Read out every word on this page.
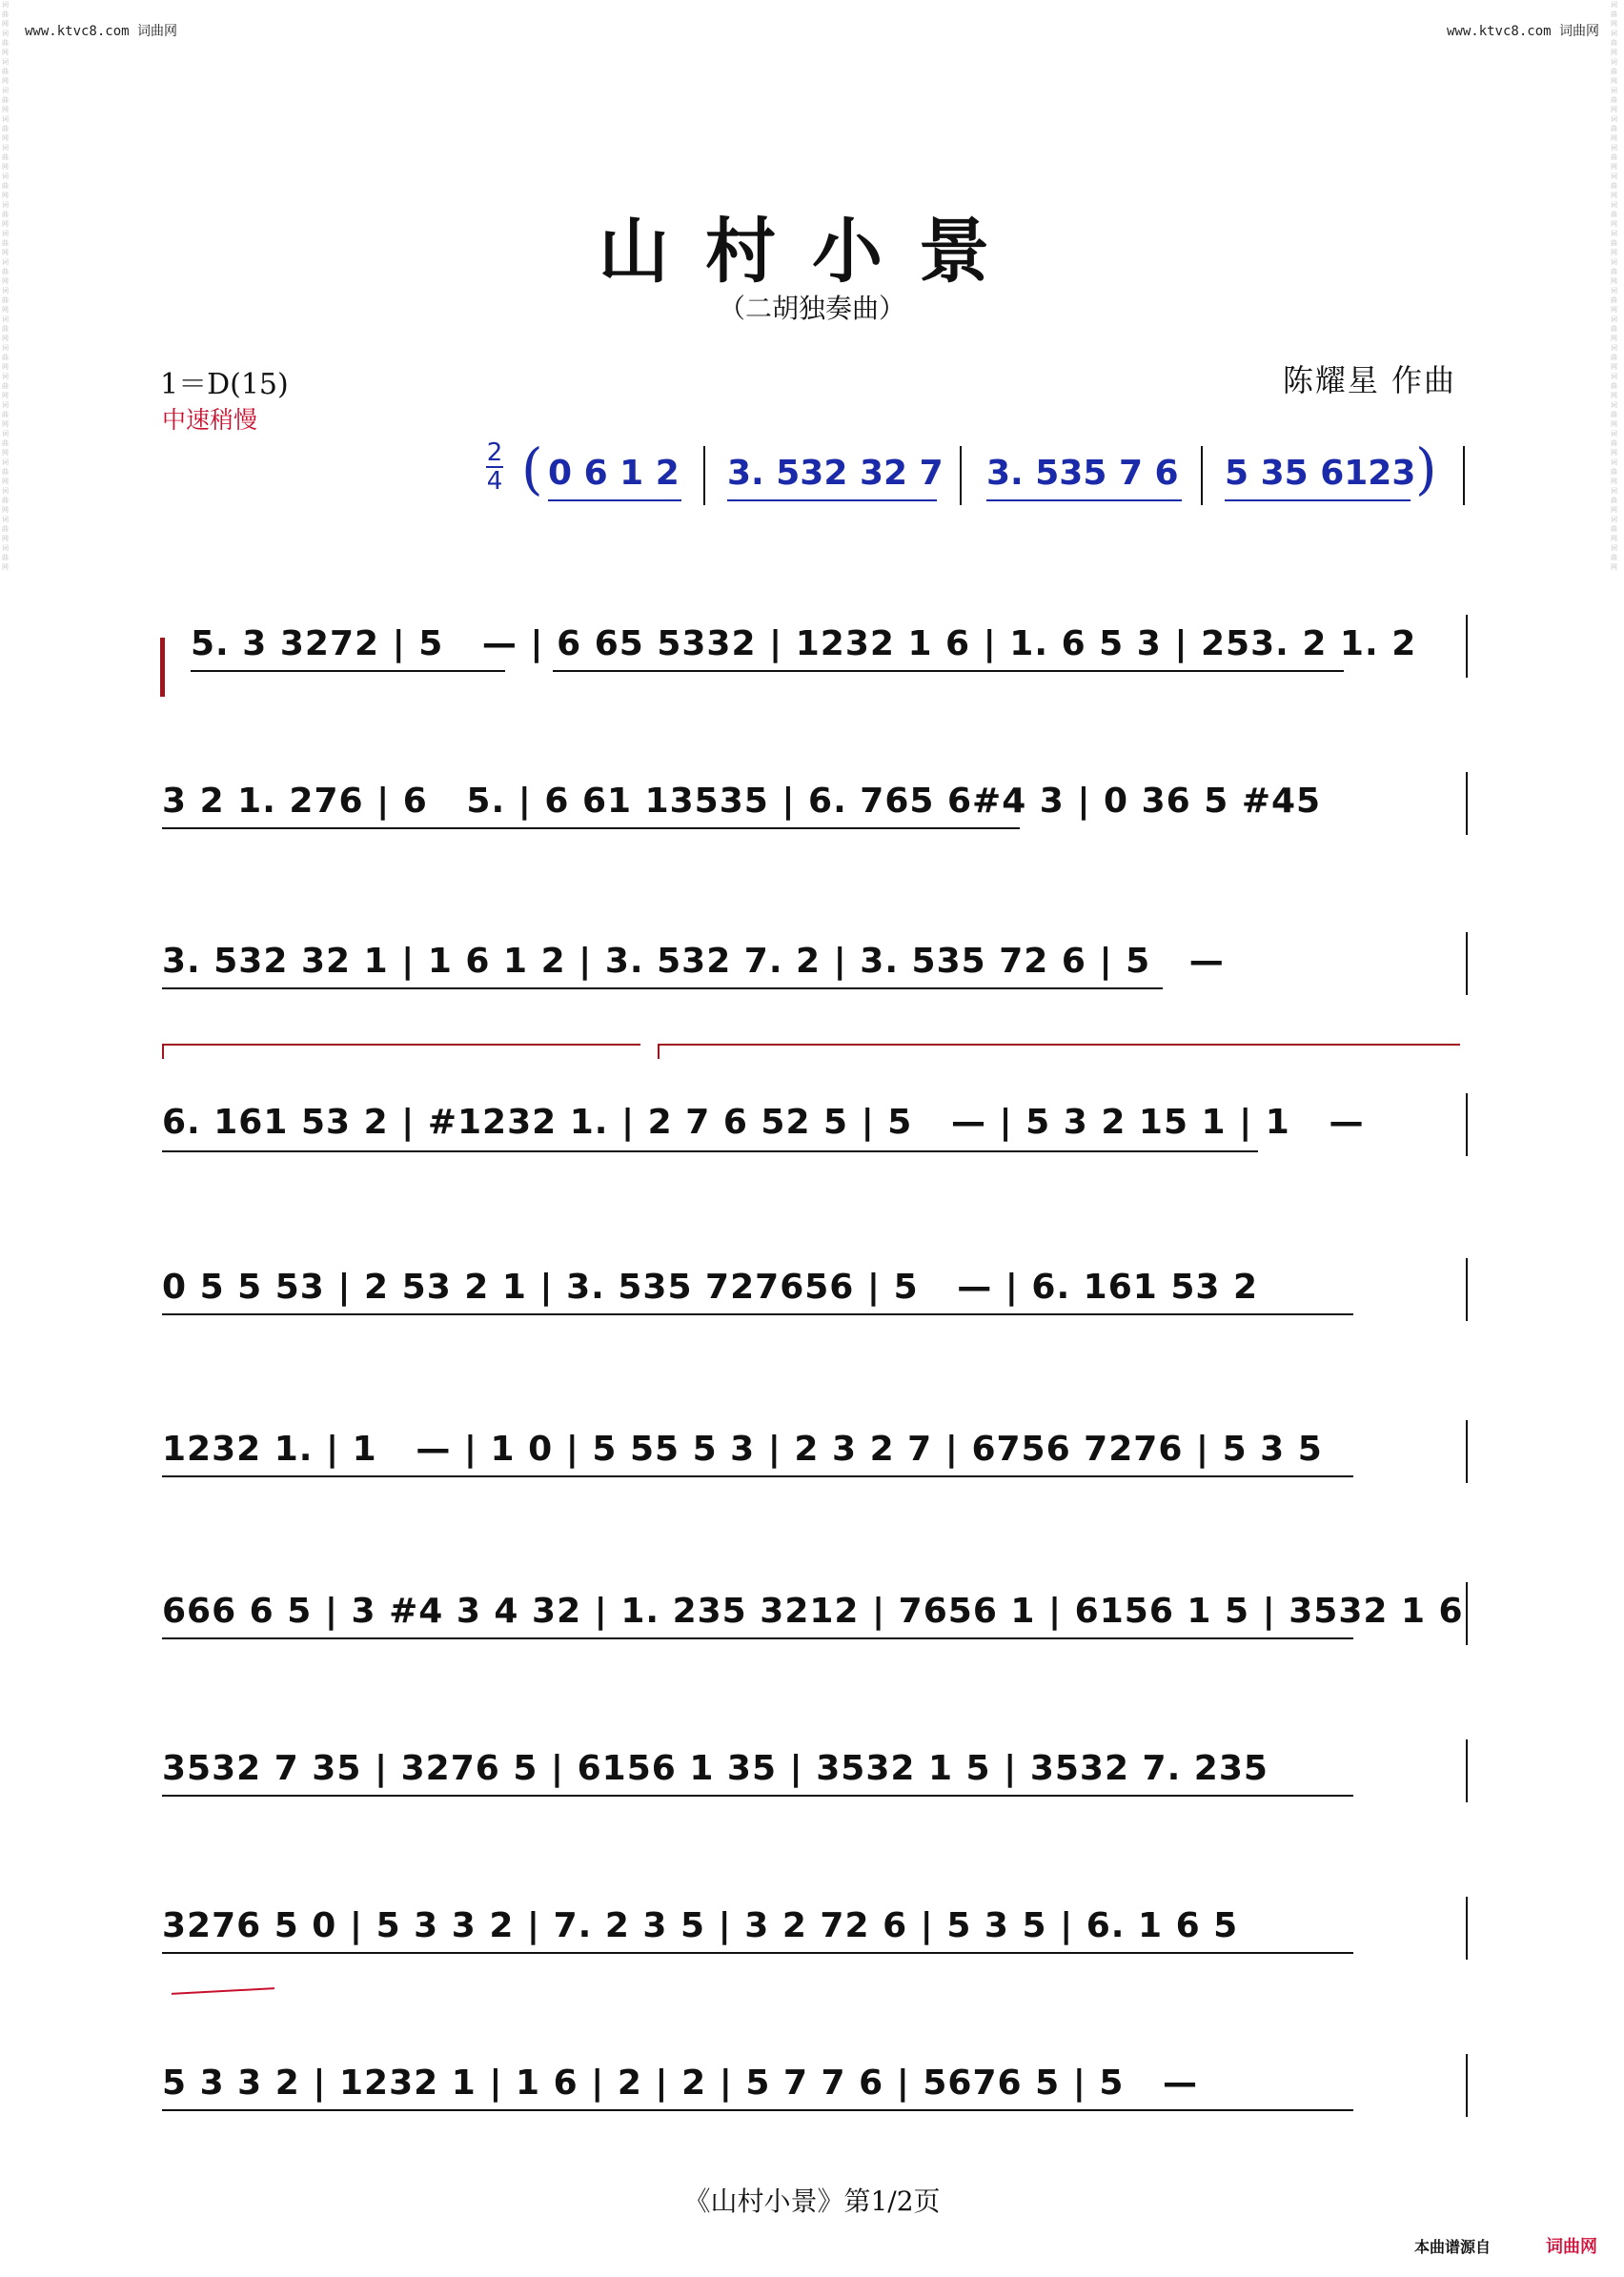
www.ktvc8.com 词曲网	www.ktvc8.com 词曲网
词曲网词曲网词曲网词曲网词曲网词曲网词曲网词曲网词曲网词曲网词曲网词曲网词曲网词曲网词曲网词曲网词曲网词曲网词曲网词曲网
词曲网词曲网词曲网词曲网词曲网词曲网词曲网词曲网词曲网词曲网词曲网词曲网词曲网词曲网词曲网词曲网词曲网词曲网词曲网词曲网
山村小景
（二胡独奏曲）
1＝D(15)
中速稍慢
陈耀星 作曲
2
4 ( 0 6 1 2 3. 532 32 7 3. 535 7 6 5 35 6123 )
5. 3 3272 | 5   — | 6 65 5332 | 1232 1 6 | 1. 6 5 3 | 253. 2 1. 2
3 2 1. 276 | 6   5. | 6 61 13535 | 6. 765 6#4 3 | 0 36 5 #45
3. 532 32 1 | 1 6 1 2 | 3. 532 7. 2 | 3. 535 72 6 | 5   —
6. 161 53 2 | #1232 1. | 2 7 6 52 5 | 5   — | 5 3 2 15 1 | 1   —
0 5 5 53 | 2 53 2 1 | 3. 535 727656 | 5   — | 6. 161 53 2
1232 1. | 1   — | 1 0 | 5 55 5 3 | 2 3 2 7 | 6756 7276 | 5 3 5
666 6 5 | 3 #4 3 4 32 | 1. 235 3212 | 7656 1 | 6156 1 5 | 3532 1 6
3532 7 35 | 3276 5 | 6156 1 35 | 3532 1 5 | 3532 7. 235
3276 5 0 | 5 3 3 2 | 7. 2 3 5 | 3 2 72 6 | 5 3 5 | 6. 1 6 5
5 3 3 2 | 1232 1 | 1 6 | 2 | 2 | 5 7 7 6 | 5676 5 | 5   —
《山村小景》第1/2页
本曲谱源自	词曲网
